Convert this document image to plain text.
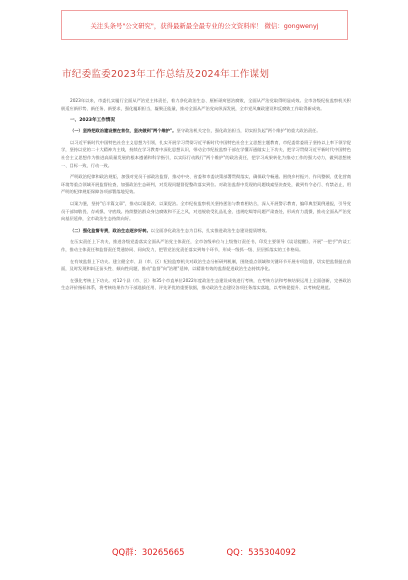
关注头条号"公文研究"，获得最新最全最专业的公文资料库！ 微信：gongwenyj
市纪委监委2023年工作总结及2024年工作谋划

2023年以来，市委扎实履行全面从严治党主体责任，着力净化政治生态、厘析顽疴惩治腐败，全面从严治党取得明显成效。全市各级纪检监察机关积极适应新形势、新任务、新要求，强化履职担当，凝聚正能量，推动全面从严治党向纵深发展，全市党风廉政建设和反腐败工作取得新成效。

一、2023年工作情况

（一）坚持把政治建设摆在首位，坚决做到"两个维护"。坚守政治机关定位，强化政治担当，切实担负起"两个维护"的重大政治责任。

以习近平新时代中国特色社会主义思想为引领，扎实开展学习贯彻习近平新时代中国特色社会主义思想主题教育，市纪委常委班子坚持以上率下领学促学，坚持以党的二十大精神为主线，持续在学习教育中深化思想认识，带动全市纪检监察干部在学懂弄通做实上下功夫，把学习贯彻习近平新时代中国特色社会主义思想作为推进高质量发展的根本遵循和科学指引，以实际行动践行"两个维护"的政治责任，把学习成果转化为推动工作的强大动力，做到思想统一、目标一致、行动一致。

严明政治纪律和政治规矩，加强对党员干部政治监督，推动中央、省委和市委决策部署贯彻落实，确保政令畅通。围绕乡村振兴、作风整顿、优化营商环境等重点领域开展监督检查，加强政治生态研判，对发现问题督促整改落实到位。对政治监督中发现的问题线索坚决查处，做到有令必行、有禁必止，用严明的纪律规矩保障各项部署落地见效。

以案为鉴，坚持"后半篇文章"，推动以案促改、以案促治。全市纪检监察机关坚持惩治与教育相结合，深入开展警示教育，编印典型案例通报，引导党员干部知敬畏、存戒惧、守底线。持续整治群众身边腐败和不正之风，对违规收受礼品礼金、违规吃喝等问题严肃查处，形成有力震慑，推动全面从严治党向基层延伸，全市政治生态持续向好。

（二）强化监督专责，政治生态逐步好转。以全面净化政治生态为目标，扎实推进政治生态建设提质增效。

在压实责任上下功夫，推进各级党委落实全面从严治党主体责任，全市各级单位与上级签订责任书，印发主要领导《谈话提醒》，开展"一把手"约谈工作，推动主体责任和监督责任贯通协同、同向发力，把管党治党责任落实到每个环节，形成一级抓一级、层层抓落实的工作格局。

在有效监督上下功夫。建立健全市、县（市、区）纪检监察机关对政治生态分析研判机制，围绕重点领域和关键环节开展专项监督，切实把监督挺在前面，及时发现和纠正苗头性、倾向性问题，推动"监督"向"治理"延伸，以精准有效的监督促进政治生态持续净化。

在强化考核上下功夫。对12个县（市、区）和35个市直单位2022年度政治生态建设成效进行考核，在考核方法和考核结果运用上全面创新，完善政治生态评价指标体系，将考核结果作为干部选拔任用、评先评优的重要依据，推动政治生态建设各项任务落实落地，以考核促提升、以考核促规范。

QQ群：30265665	QQ：535304092
